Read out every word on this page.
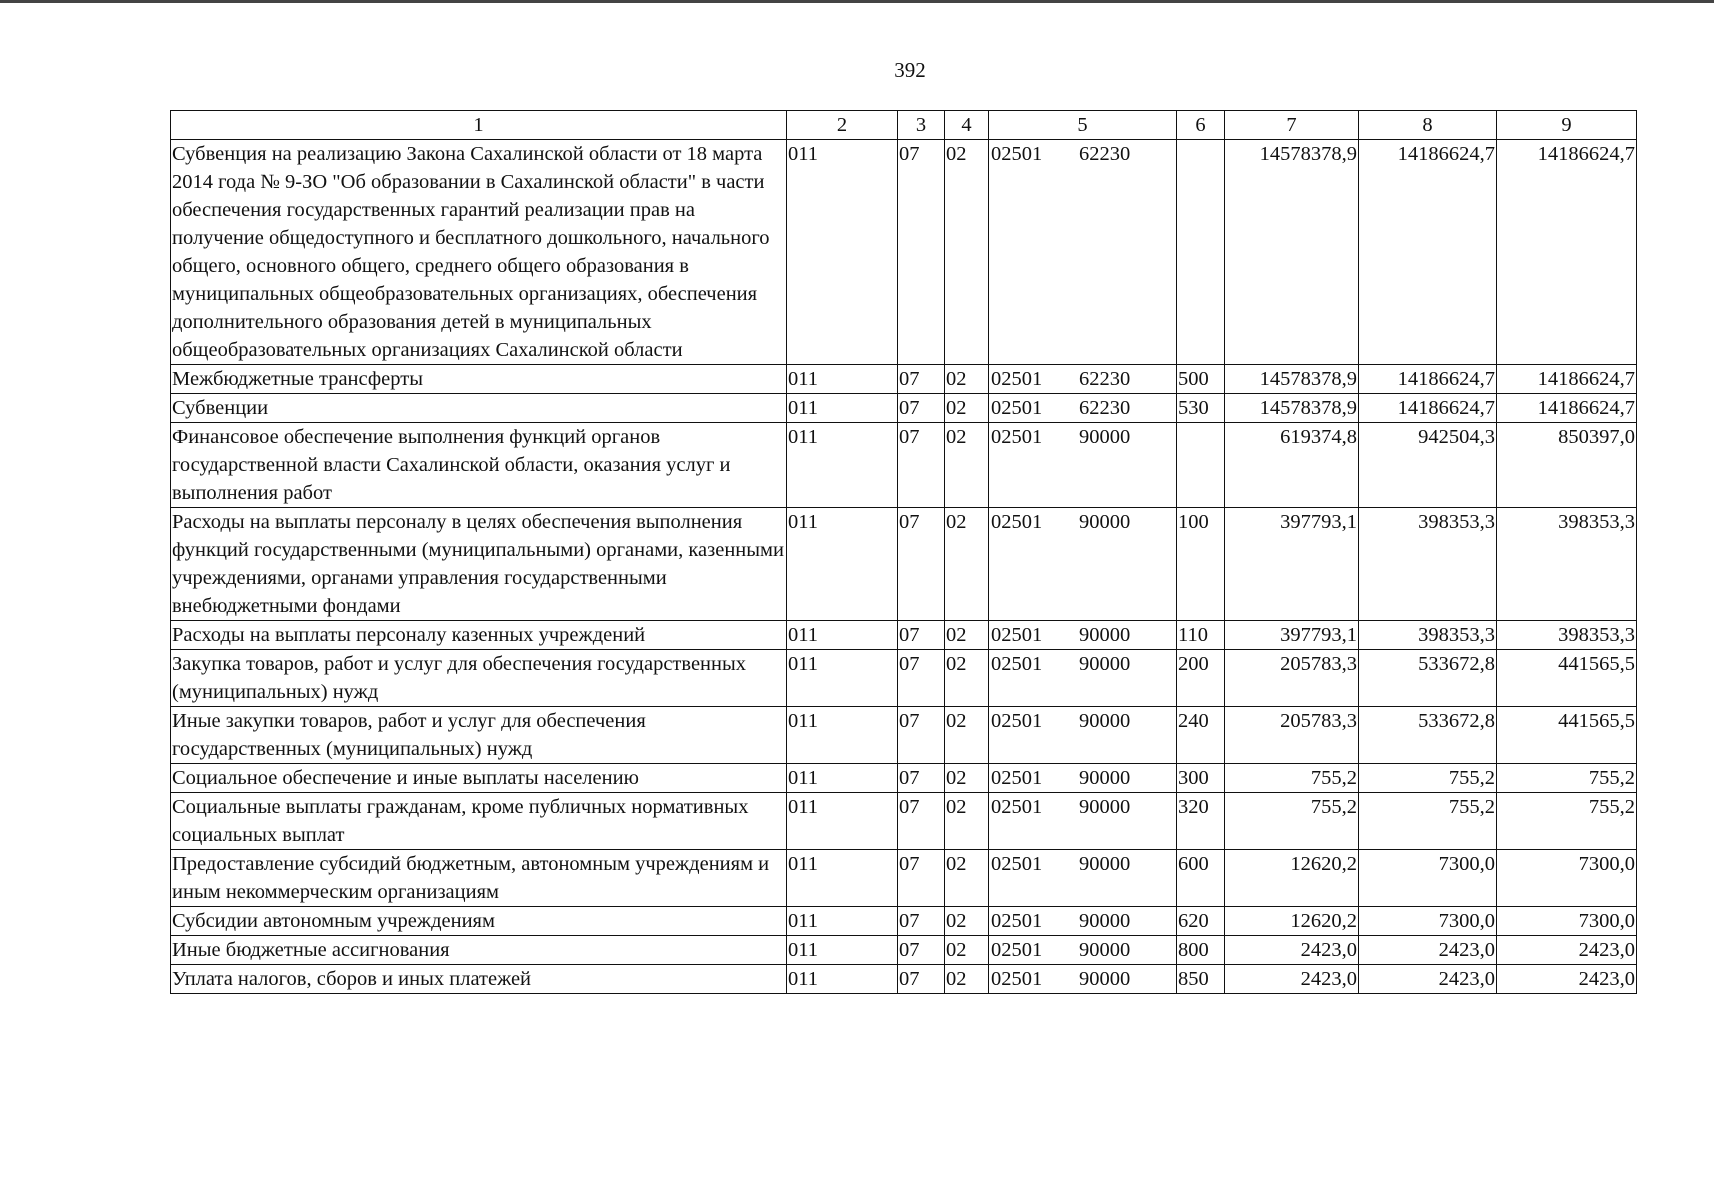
392
1	2	3	4	5	6	7	8	9
Субвенция на реализацию Закона Сахалинской области от 18 марта 2014 года № 9-ЗО "Об образовании в Сахалинской области" в части обеспечения государственных гарантий реализации прав на получение общедоступного и бесплатного дошкольного, начального общего, основного общего, среднего общего образования в муниципальных общеобразовательных организациях, обеспечения дополнительного образования детей в муниципальных общеобразовательных организациях Сахалинской области	011	07	02	02501 62230		14578378,9	14186624,7	14186624,7
Межбюджетные трансферты	011	07	02	02501 62230	500	14578378,9	14186624,7	14186624,7
Субвенции	011	07	02	02501 62230	530	14578378,9	14186624,7	14186624,7
Финансовое обеспечение выполнения функций органов государственной власти Сахалинской области, оказания услуг и выполнения работ	011	07	02	02501 90000		619374,8	942504,3	850397,0
Расходы на выплаты персоналу в целях обеспечения выполнения функций государственными (муниципальными) органами, казенными учреждениями, органами управления государственными внебюджетными фондами	011	07	02	02501 90000	100	397793,1	398353,3	398353,3
Расходы на выплаты персоналу казенных учреждений	011	07	02	02501 90000	110	397793,1	398353,3	398353,3
Закупка товаров, работ и услуг для обеспечения государственных (муниципальных) нужд	011	07	02	02501 90000	200	205783,3	533672,8	441565,5
Иные закупки товаров, работ и услуг для обеспечения государственных (муниципальных) нужд	011	07	02	02501 90000	240	205783,3	533672,8	441565,5
Социальное обеспечение и иные выплаты населению	011	07	02	02501 90000	300	755,2	755,2	755,2
Социальные выплаты гражданам, кроме публичных нормативных социальных выплат	011	07	02	02501 90000	320	755,2	755,2	755,2
Предоставление субсидий бюджетным, автономным учреждениям и иным некоммерческим организациям	011	07	02	02501 90000	600	12620,2	7300,0	7300,0
Субсидии автономным учреждениям	011	07	02	02501 90000	620	12620,2	7300,0	7300,0
Иные бюджетные ассигнования	011	07	02	02501 90000	800	2423,0	2423,0	2423,0
Уплата налогов, сборов и иных платежей	011	07	02	02501 90000	850	2423,0	2423,0	2423,0
